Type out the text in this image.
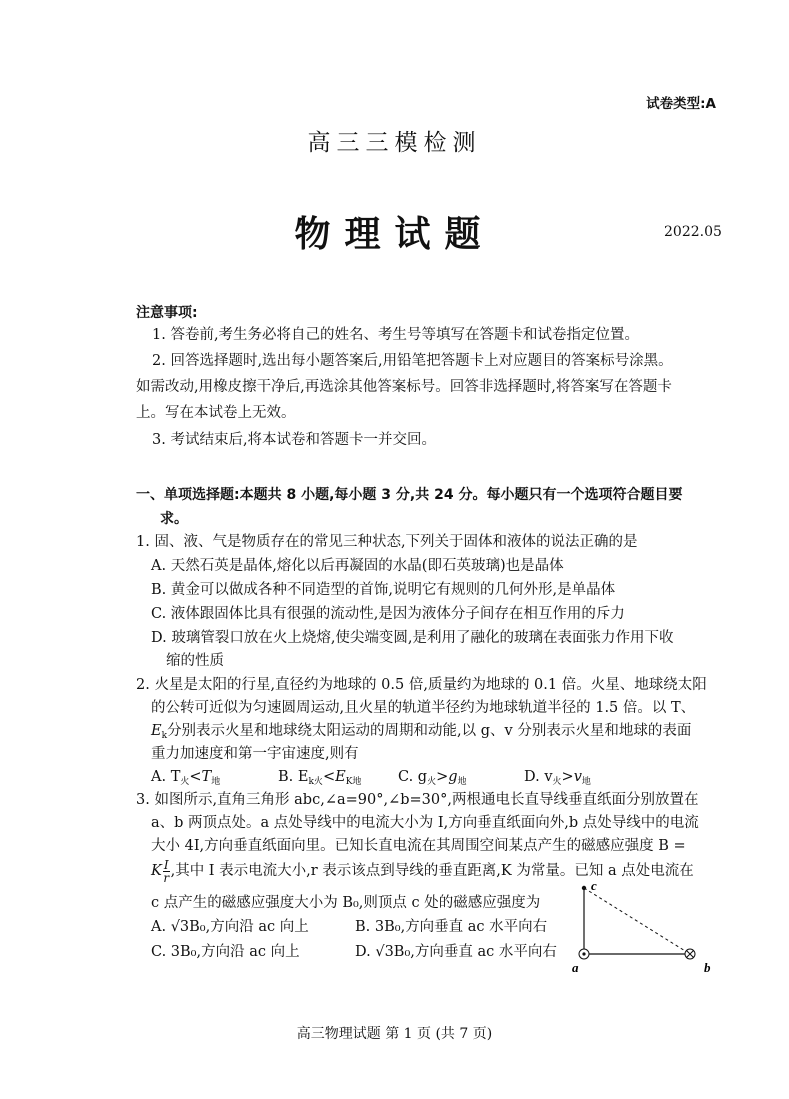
试卷类型:A
高三三模检测
物理试题	2022.05
注意事项:
1. 答卷前,考生务必将自己的姓名、考生号等填写在答题卡和试卷指定位置。
2. 回答选择题时,选出每小题答案后,用铅笔把答题卡上对应题目的答案标号涂黑。
如需改动,用橡皮擦干净后,再选涂其他答案标号。回答非选择题时,将答案写在答题卡
上。写在本试卷上无效。
3. 考试结束后,将本试卷和答题卡一并交回。
一、单项选择题:本题共 8 小题,每小题 3 分,共 24 分。每小题只有一个选项符合题目要
求。
1. 固、液、气是物质存在的常见三种状态,下列关于固体和液体的说法正确的是
A. 天然石英是晶体,熔化以后再凝固的水晶(即石英玻璃)也是晶体
B. 黄金可以做成各种不同造型的首饰,说明它有规则的几何外形,是单晶体
C. 液体跟固体比具有很强的流动性,是因为液体分子间存在相互作用的斥力
D. 玻璃管裂口放在火上烧熔,使尖端变圆,是利用了融化的玻璃在表面张力作用下收
缩的性质
2. 火星是太阳的行星,直径约为地球的 0.5 倍,质量约为地球的 0.1 倍。火星、地球绕太阳
的公转可近似为匀速圆周运动,且火星的轨道半径约为地球轨道半径的 1.5 倍。以 T、
$E_k$分别表示火星和地球绕太阳运动的周期和动能,以 g、v 分别表示火星和地球的表面
重力加速度和第一宇宙速度,则有
A. $T_火<T_地$	B. $E_{k火}<E_{K地}$	C. $g_火>g_地$	D. $v_火>v_地$
3. 如图所示,直角三角形 abc,∠a=90°,∠b=30°,两根通电长直导线垂直纸面分别放置在
a、b 两顶点处。a 点处导线中的电流大小为 I,方向垂直纸面向外,b 点处导线中的电流
大小 4I,方向垂直纸面向里。已知长直电流在其周围空间某点产生的磁感应强度 B =
K $\frac{I}{r}$ ,其中 I 表示电流大小,r 表示该点到导线的垂直距离,K 为常量。已知 a 点处电流在
c 点产生的磁感应强度大小为 B₀,则顶点 c 处的磁感应强度为
A. √3B₀,方向沿 ac 向上	B. 3B₀,方向垂直 ac 水平向右
C. 3B₀,方向沿 ac 向上	D. √3B₀,方向垂直 ac 水平向右
c
a	b
高三物理试题 第 1 页 (共 7 页)
